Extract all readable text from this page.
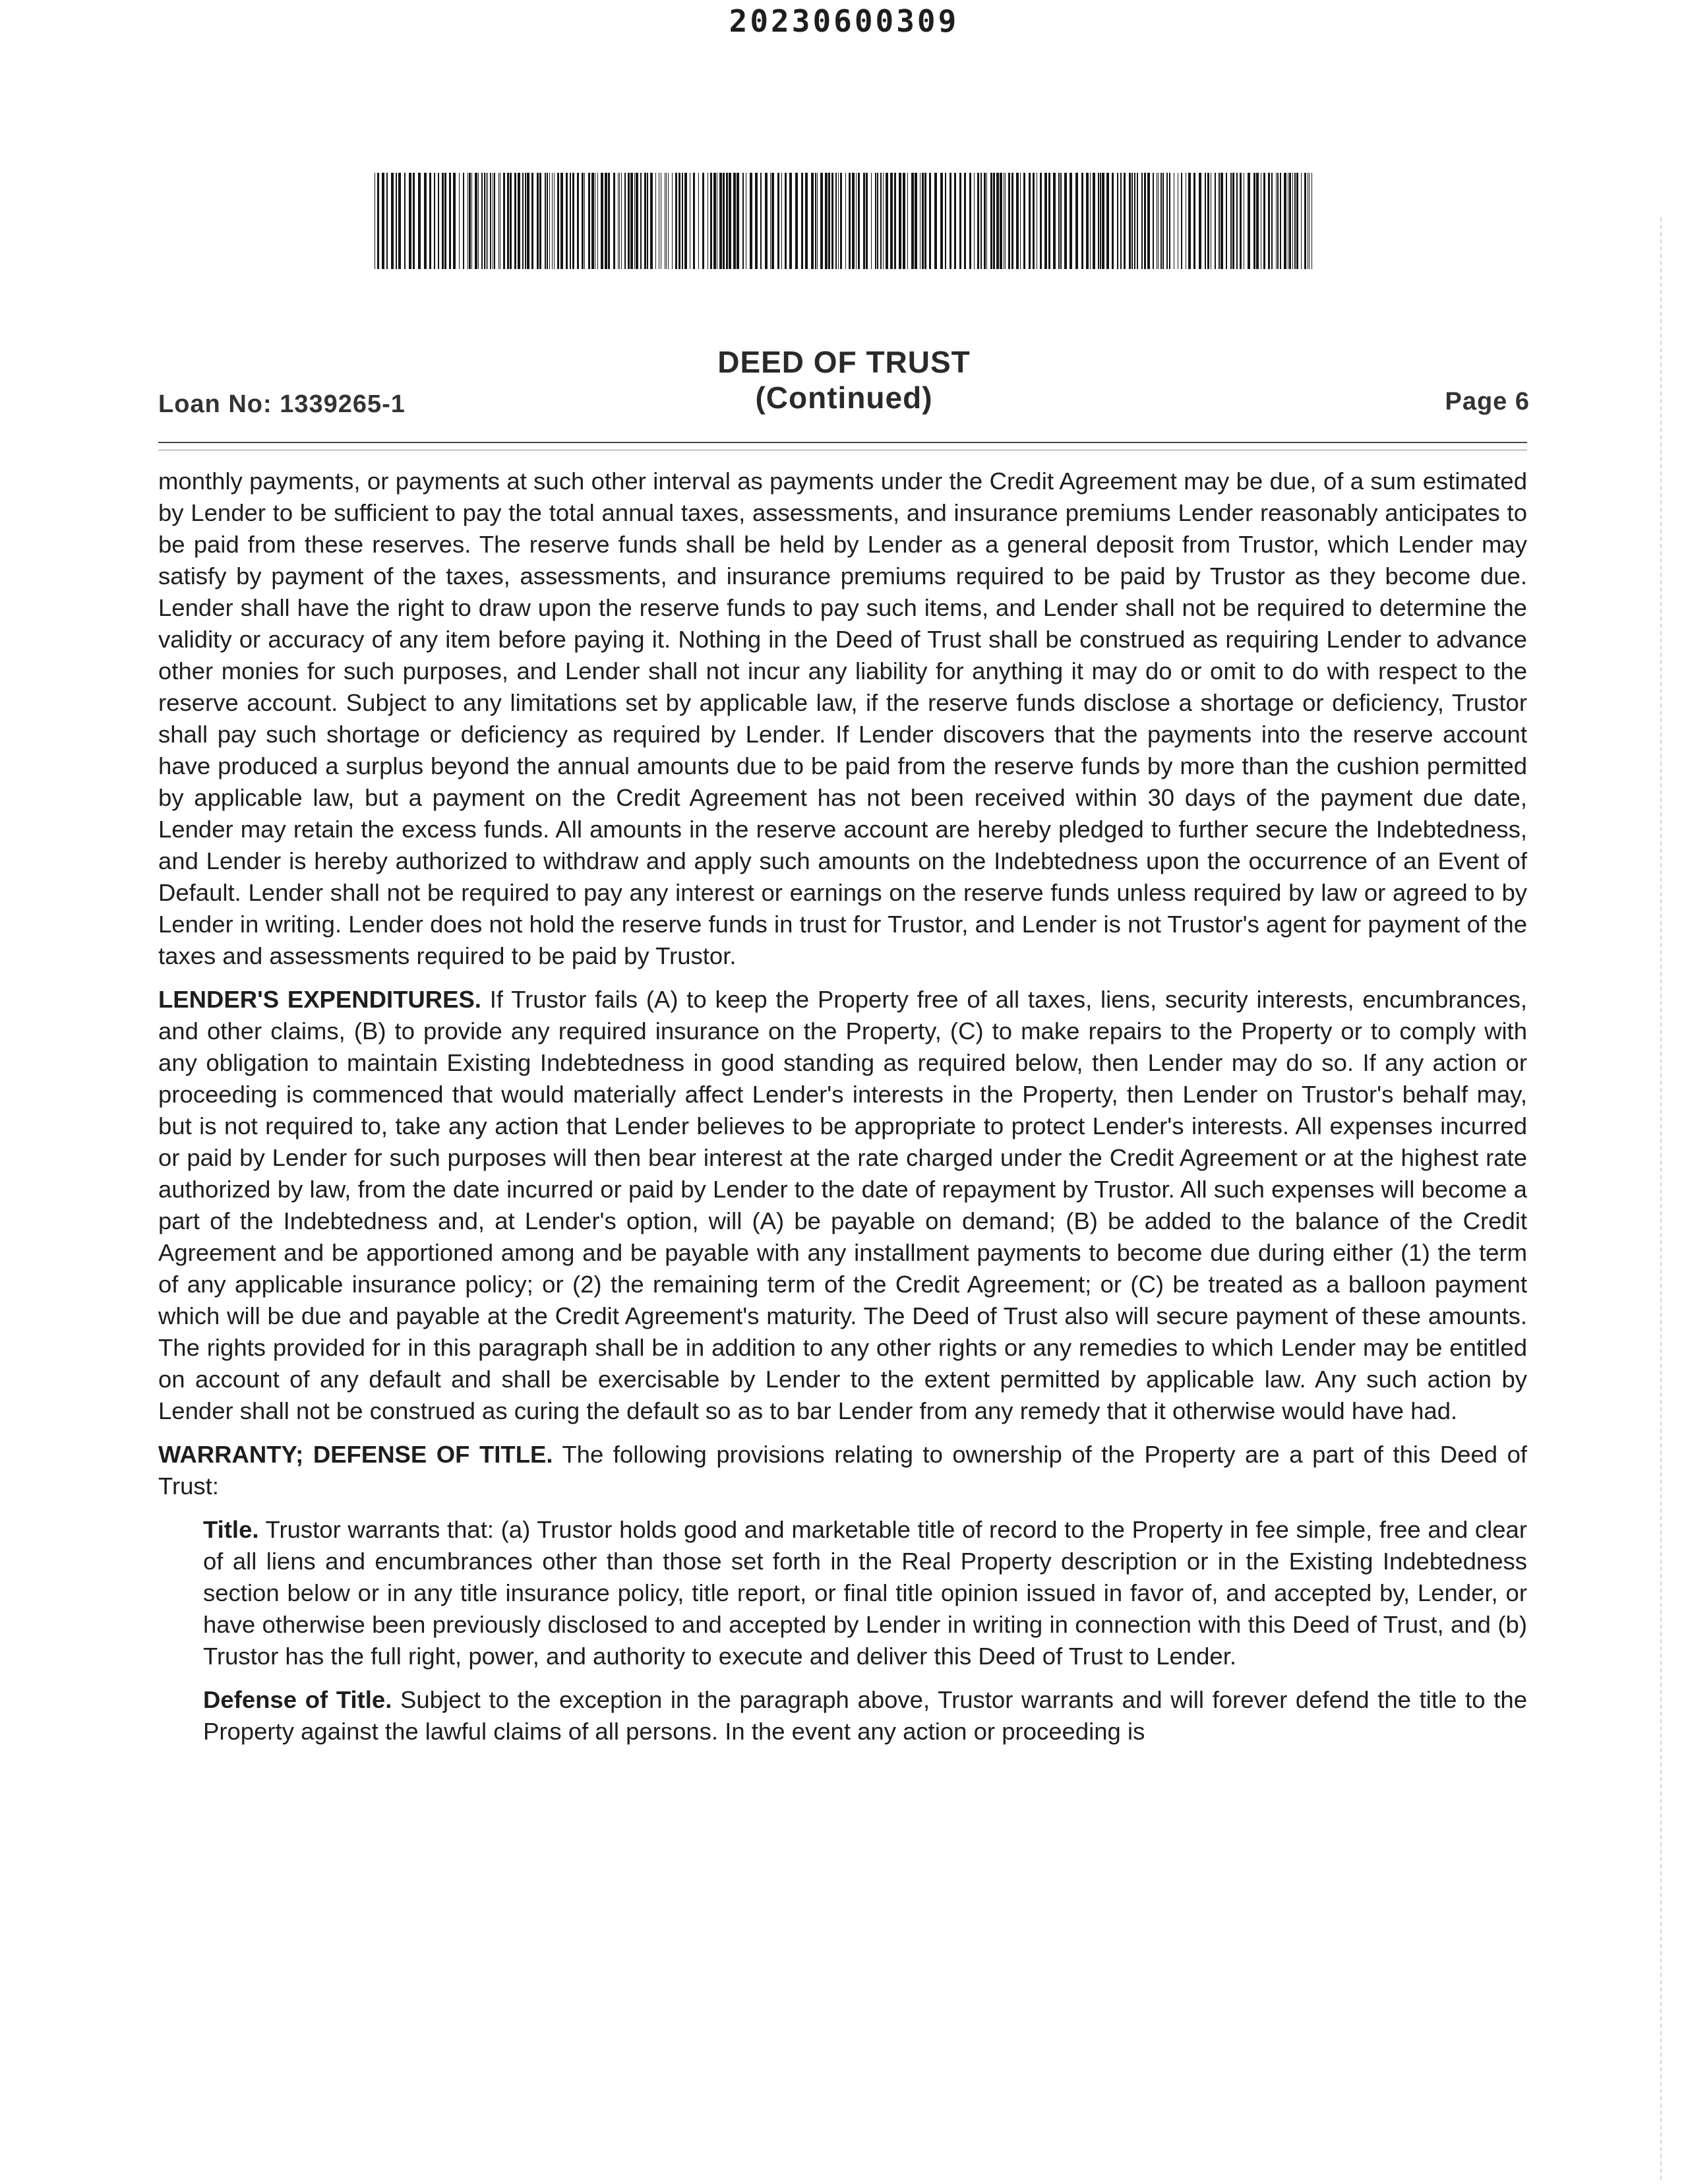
20230600309
DEED OF TRUST
(Continued)
Loan No: 1339265-1	Page 6

monthly payments, or payments at such other interval as payments under the Credit Agreement may be due, of a sum estimated by Lender to be sufficient to pay the total annual taxes, assessments, and insurance premiums Lender reasonably anticipates to be paid from these reserves. The reserve funds shall be held by Lender as a general deposit from Trustor, which Lender may satisfy by payment of the taxes, assessments, and insurance premiums required to be paid by Trustor as they become due. Lender shall have the right to draw upon the reserve funds to pay such items, and Lender shall not be required to determine the validity or accuracy of any item before paying it. Nothing in the Deed of Trust shall be construed as requiring Lender to advance other monies for such purposes, and Lender shall not incur any liability for anything it may do or omit to do with respect to the reserve account. Subject to any limitations set by applicable law, if the reserve funds disclose a shortage or deficiency, Trustor shall pay such shortage or deficiency as required by Lender. If Lender discovers that the payments into the reserve account have produced a surplus beyond the annual amounts due to be paid from the reserve funds by more than the cushion permitted by applicable law, but a payment on the Credit Agreement has not been received within 30 days of the payment due date, Lender may retain the excess funds. All amounts in the reserve account are hereby pledged to further secure the Indebtedness, and Lender is hereby authorized to withdraw and apply such amounts on the Indebtedness upon the occurrence of an Event of Default. Lender shall not be required to pay any interest or earnings on the reserve funds unless required by law or agreed to by Lender in writing. Lender does not hold the reserve funds in trust for Trustor, and Lender is not Trustor's agent for payment of the taxes and assessments required to be paid by Trustor.

LENDER'S EXPENDITURES. If Trustor fails (A) to keep the Property free of all taxes, liens, security interests, encumbrances, and other claims, (B) to provide any required insurance on the Property, (C) to make repairs to the Property or to comply with any obligation to maintain Existing Indebtedness in good standing as required below, then Lender may do so. If any action or proceeding is commenced that would materially affect Lender's interests in the Property, then Lender on Trustor's behalf may, but is not required to, take any action that Lender believes to be appropriate to protect Lender's interests. All expenses incurred or paid by Lender for such purposes will then bear interest at the rate charged under the Credit Agreement or at the highest rate authorized by law, from the date incurred or paid by Lender to the date of repayment by Trustor. All such expenses will become a part of the Indebtedness and, at Lender's option, will (A) be payable on demand; (B) be added to the balance of the Credit Agreement and be apportioned among and be payable with any installment payments to become due during either (1) the term of any applicable insurance policy; or (2) the remaining term of the Credit Agreement; or (C) be treated as a balloon payment which will be due and payable at the Credit Agreement's maturity. The Deed of Trust also will secure payment of these amounts. The rights provided for in this paragraph shall be in addition to any other rights or any remedies to which Lender may be entitled on account of any default and shall be exercisable by Lender to the extent permitted by applicable law. Any such action by Lender shall not be construed as curing the default so as to bar Lender from any remedy that it otherwise would have had.

WARRANTY; DEFENSE OF TITLE. The following provisions relating to ownership of the Property are a part of this Deed of Trust:

Title. Trustor warrants that: (a) Trustor holds good and marketable title of record to the Property in fee simple, free and clear of all liens and encumbrances other than those set forth in the Real Property description or in the Existing Indebtedness section below or in any title insurance policy, title report, or final title opinion issued in favor of, and accepted by, Lender, or have otherwise been previously disclosed to and accepted by Lender in writing in connection with this Deed of Trust, and (b) Trustor has the full right, power, and authority to execute and deliver this Deed of Trust to Lender.

Defense of Title. Subject to the exception in the paragraph above, Trustor warrants and will forever defend the title to the Property against the lawful claims of all persons. In the event any action or proceeding is
